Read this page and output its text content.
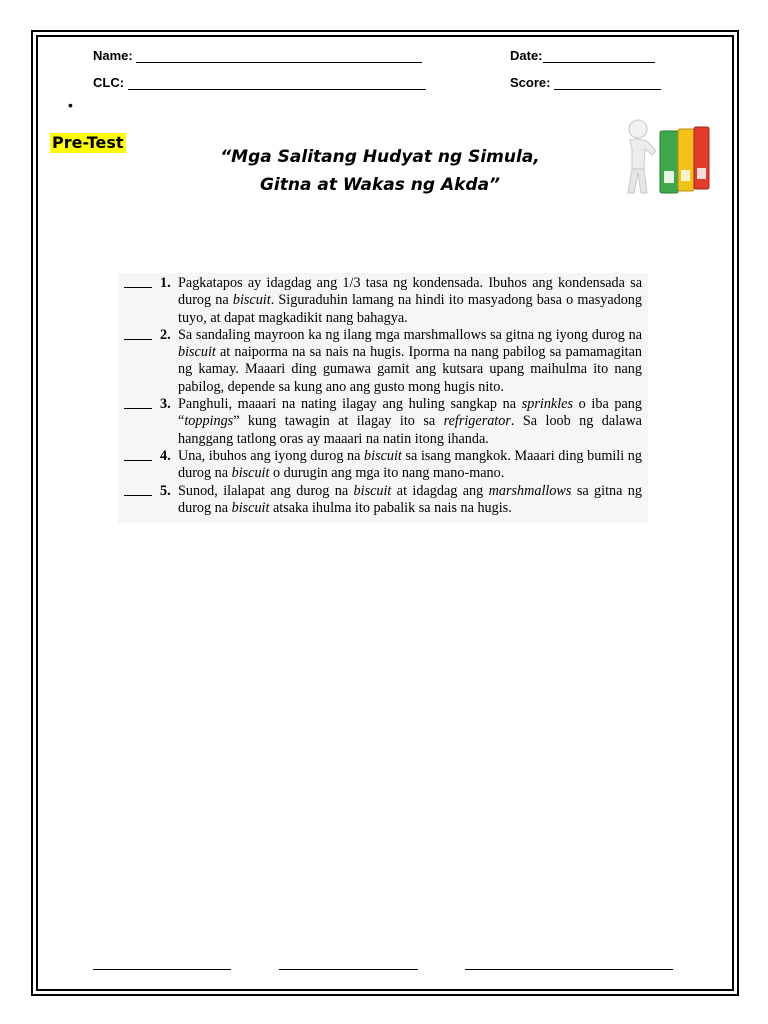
Name:	Date:
CLC:	Score:
•
Pre-Test
“Mga Salitang Hudyat ng Simula,
Gitna at Wakas ng Akda”
1. Pagkatapos ay idagdag ang 1/3 tasa ng kondensada. Ibuhos ang kondensada sa durog na biscuit. Siguraduhin lamang na hindi ito masyadong basa o masyadong tuyo, at dapat magkadikit nang bahagya.
2. Sa sandaling mayroon ka ng ilang mga marshmallows sa gitna ng iyong durog na biscuit at naiporma na sa nais na hugis. Iporma na nang pabilog sa pamamagitan ng kamay. Maaari ding gumawa gamit ang kutsara upang maihulma ito nang pabilog, depende sa kung ano ang gusto mong hugis nito.
3. Panghuli, maaari na nating ilagay ang huling sangkap na sprinkles o iba pang “toppings” kung tawagin at ilagay ito sa refrigerator. Sa loob ng dalawa hanggang tatlong oras ay maaari na natin itong ihanda.
4. Una, ibuhos ang iyong durog na biscuit sa isang mangkok. Maaari ding bumili ng durog na biscuit o durugin ang mga ito nang mano-mano.
5. Sunod, ilalapat ang durog na biscuit at idagdag ang marshmallows sa gitna ng durog na biscuit atsaka ihulma ito pabalik sa nais na hugis.
